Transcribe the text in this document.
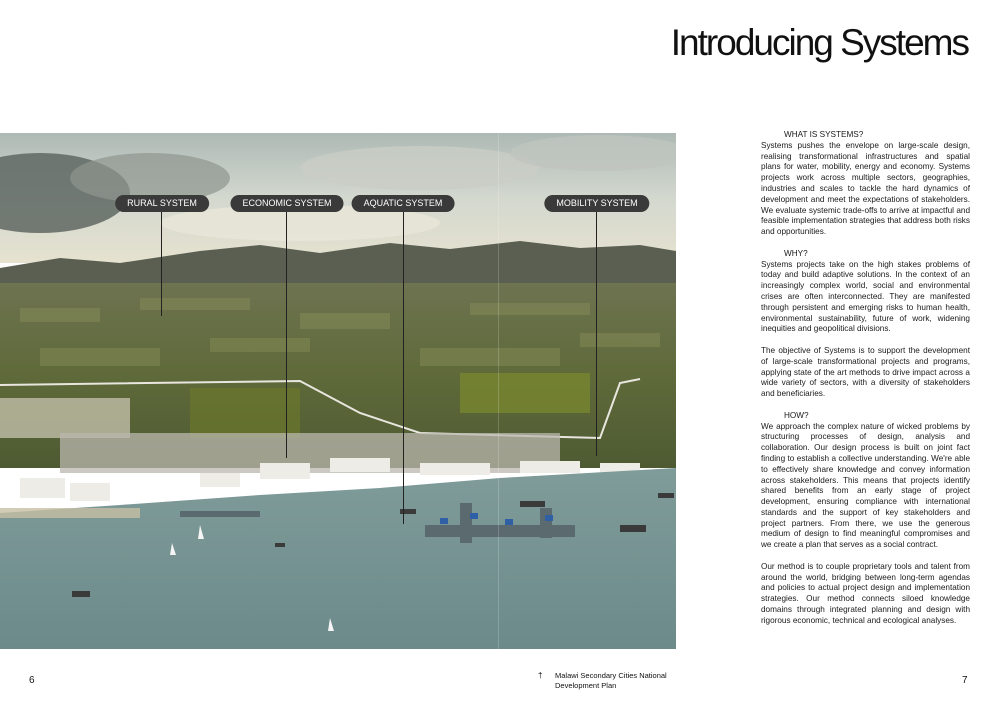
Introducing Systems
RURAL SYSTEM	ECONOMIC SYSTEM	AQUATIC SYSTEM	MOBILITY SYSTEM
WHAT IS SYSTEMS?

Systems pushes the envelope on large-scale design, realising transformational infrastructures and spatial plans for water, mobility, energy and economy. Systems projects work across multiple sectors, geographies, industries and scales to tackle the hard dynamics of development and meet the expectations of stakeholders. We evaluate systemic trade-offs to arrive at impactful and feasible implementation strategies that address both risks and opportunities.

WHY?

Systems projects take on the high stakes problems of today and build adaptive solutions. In the context of an increasingly complex world, social and environmental crises are often interconnected. They are manifested through persistent and emerging risks to human health, environmental sustainability, future of work, widening inequities and geopolitical divisions.

The objective of Systems is to support the development of large-scale transformational projects and programs, applying state of the art methods to drive impact across a wide variety of sectors, with a diversity of stakeholders and beneficiaries.

HOW?

We approach the complex nature of wicked problems by structuring processes of design, analysis and collaboration. Our design process is built on joint fact finding to establish a collective understanding. We're able to effectively share knowledge and convey information across stakeholders. This means that projects identify shared benefits from an early stage of project development, ensuring compliance with international standards and the support of key stakeholders and project partners. From there, we use the generous medium of design to find meaningful compromises and we create a plan that serves as a social contract.

Our method is to couple proprietary tools and talent from around the world, bridging between long-term agendas and policies to actual project design and implementation strategies. Our method connects siloed knowledge domains through integrated planning and design with rigorous economic, technical and ecological analyses.

6	† Malawi Secondary Cities National Development Plan	7
